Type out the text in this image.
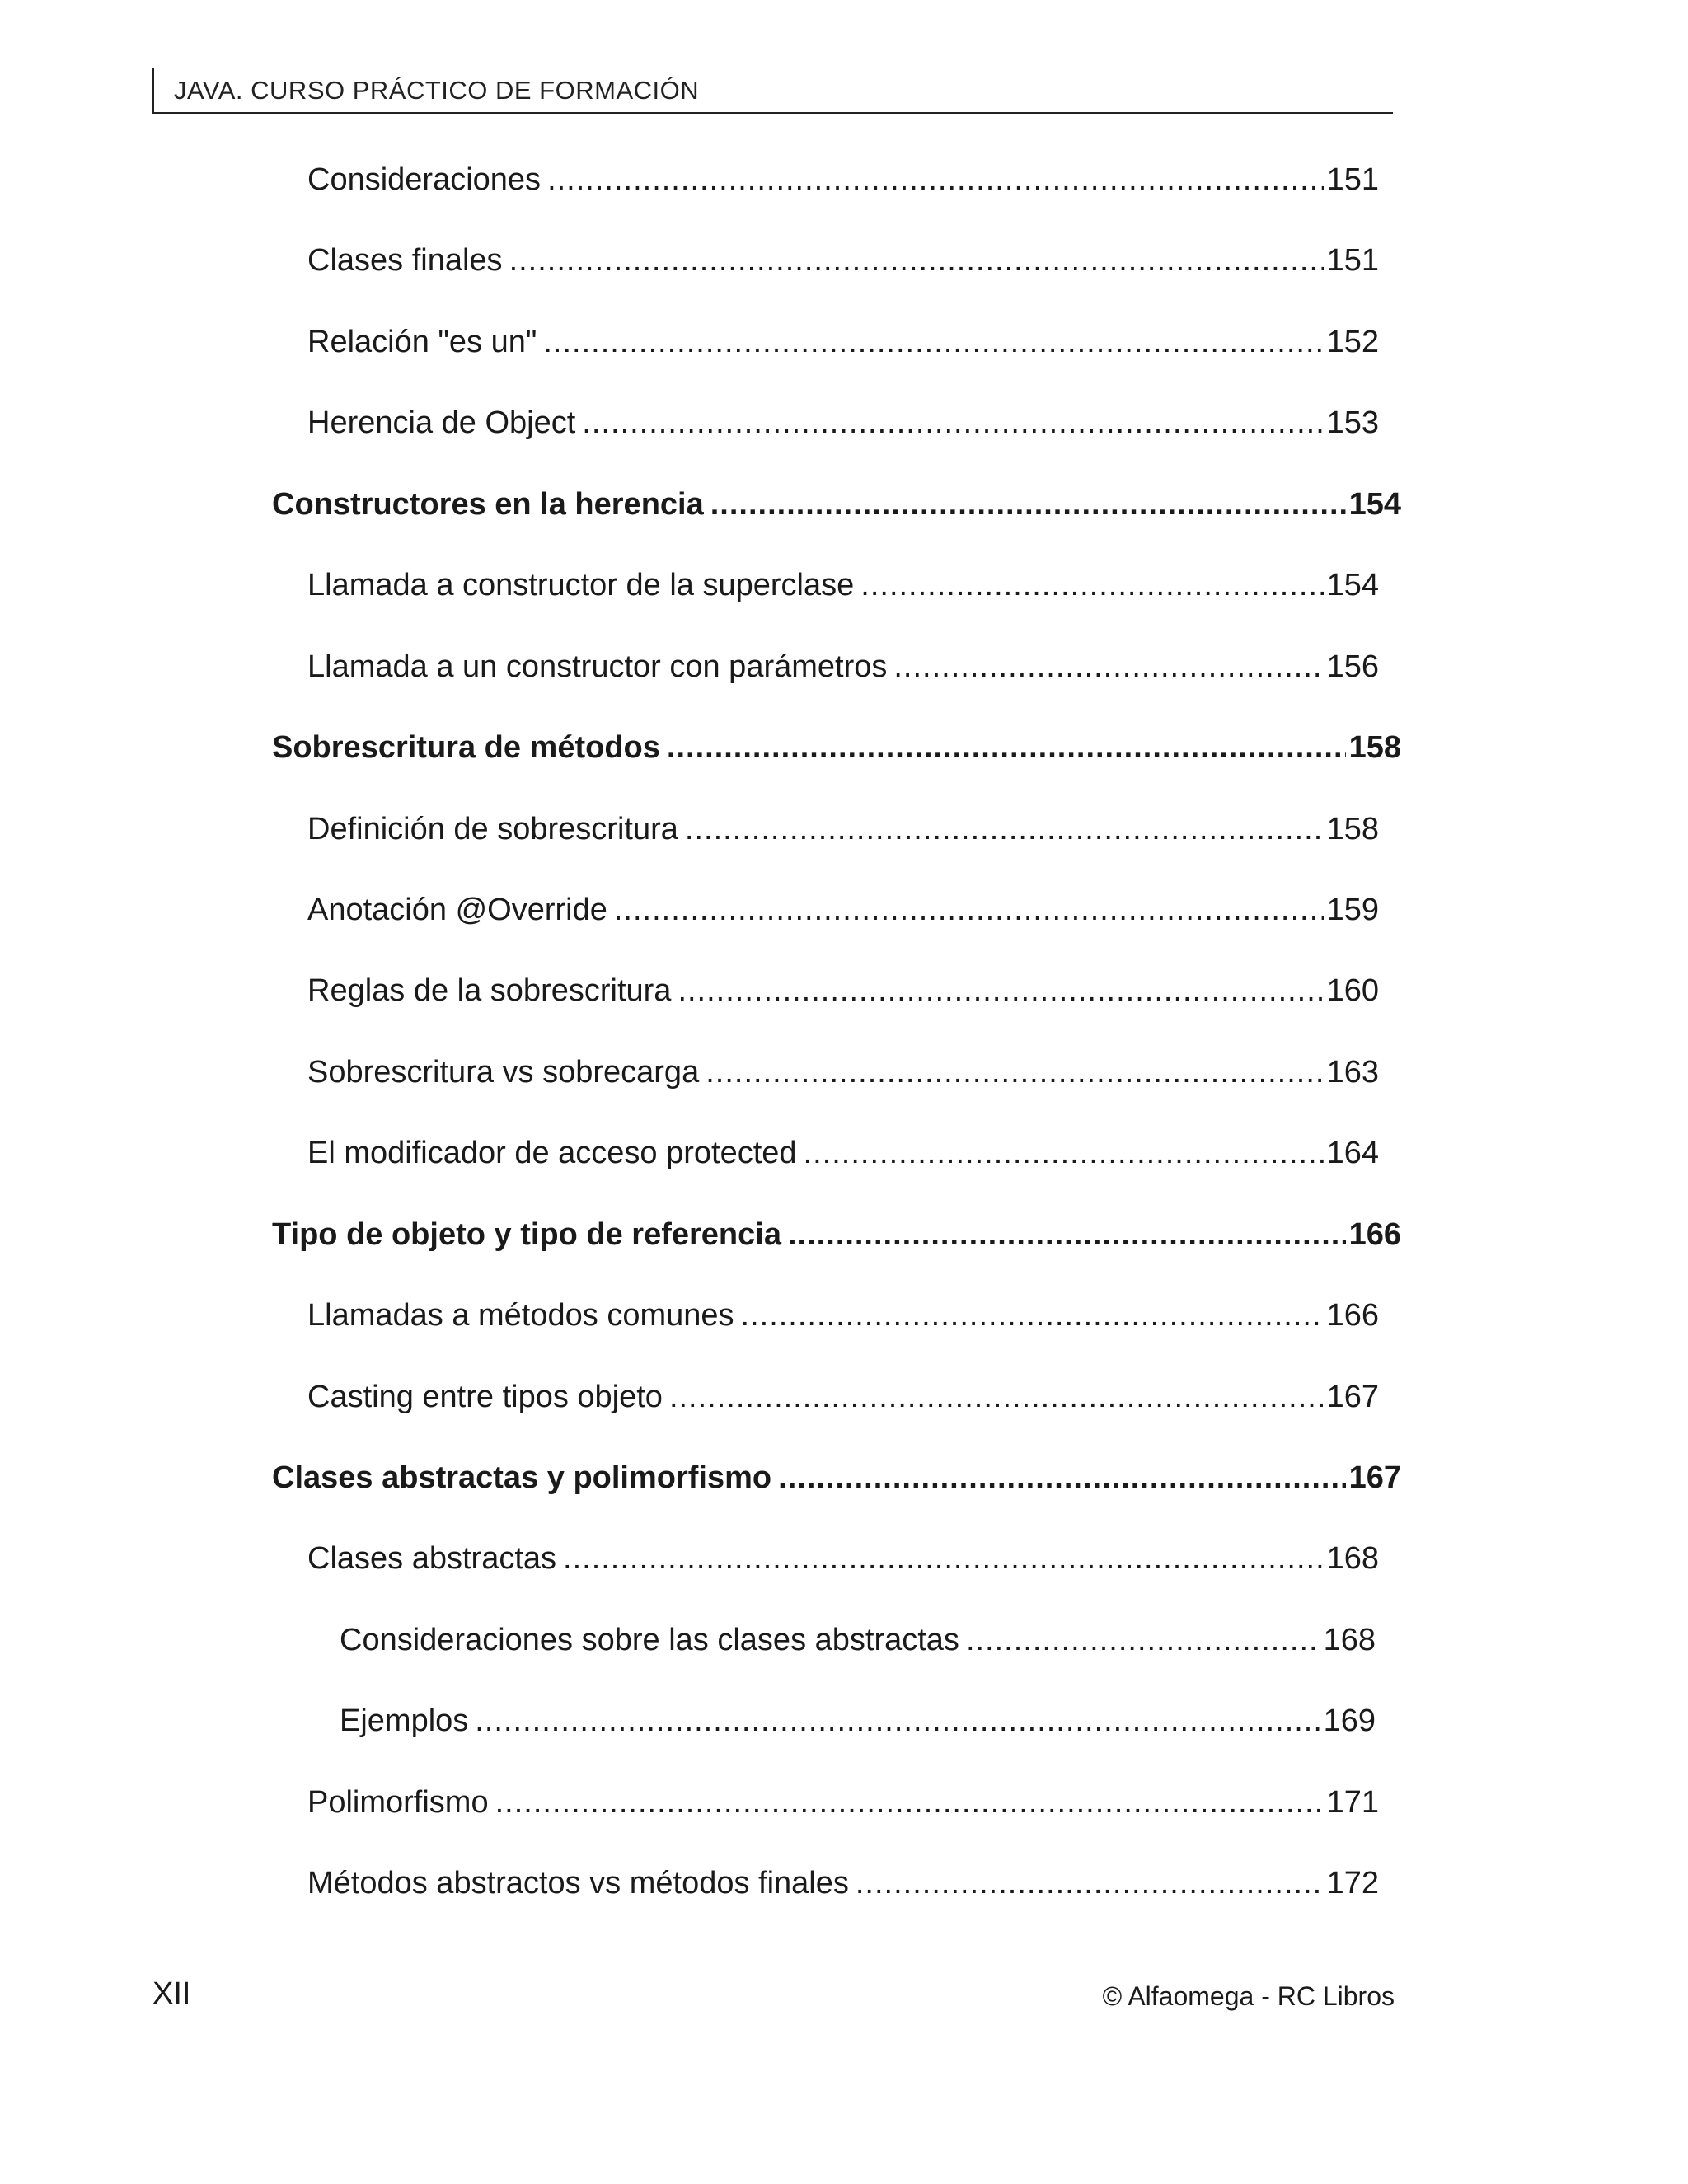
JAVA. CURSO PRÁCTICO DE FORMACIÓN
Consideraciones .....	151
Clases finales .....	151
Relación "es un" .....	152
Herencia de Object .....	153
Constructores en la herencia .....	154
Llamada a constructor de la superclase .....	154
Llamada a un constructor con parámetros .....	156
Sobrescritura de métodos .....	158
Definición de sobrescritura .....	158
Anotación @Override .....	159
Reglas de la sobrescritura .....	160
Sobrescritura vs sobrecarga .....	163
El modificador de acceso protected .....	164
Tipo de objeto y tipo de referencia .....	166
Llamadas a métodos comunes .....	166
Casting entre tipos objeto .....	167
Clases abstractas y polimorfismo .....	167
Clases abstractas .....	168
Consideraciones sobre las clases abstractas .....	168
Ejemplos .....	169
Polimorfismo .....	171
Métodos abstractos vs métodos finales .....	172
XII	© Alfaomega - RC Libros
